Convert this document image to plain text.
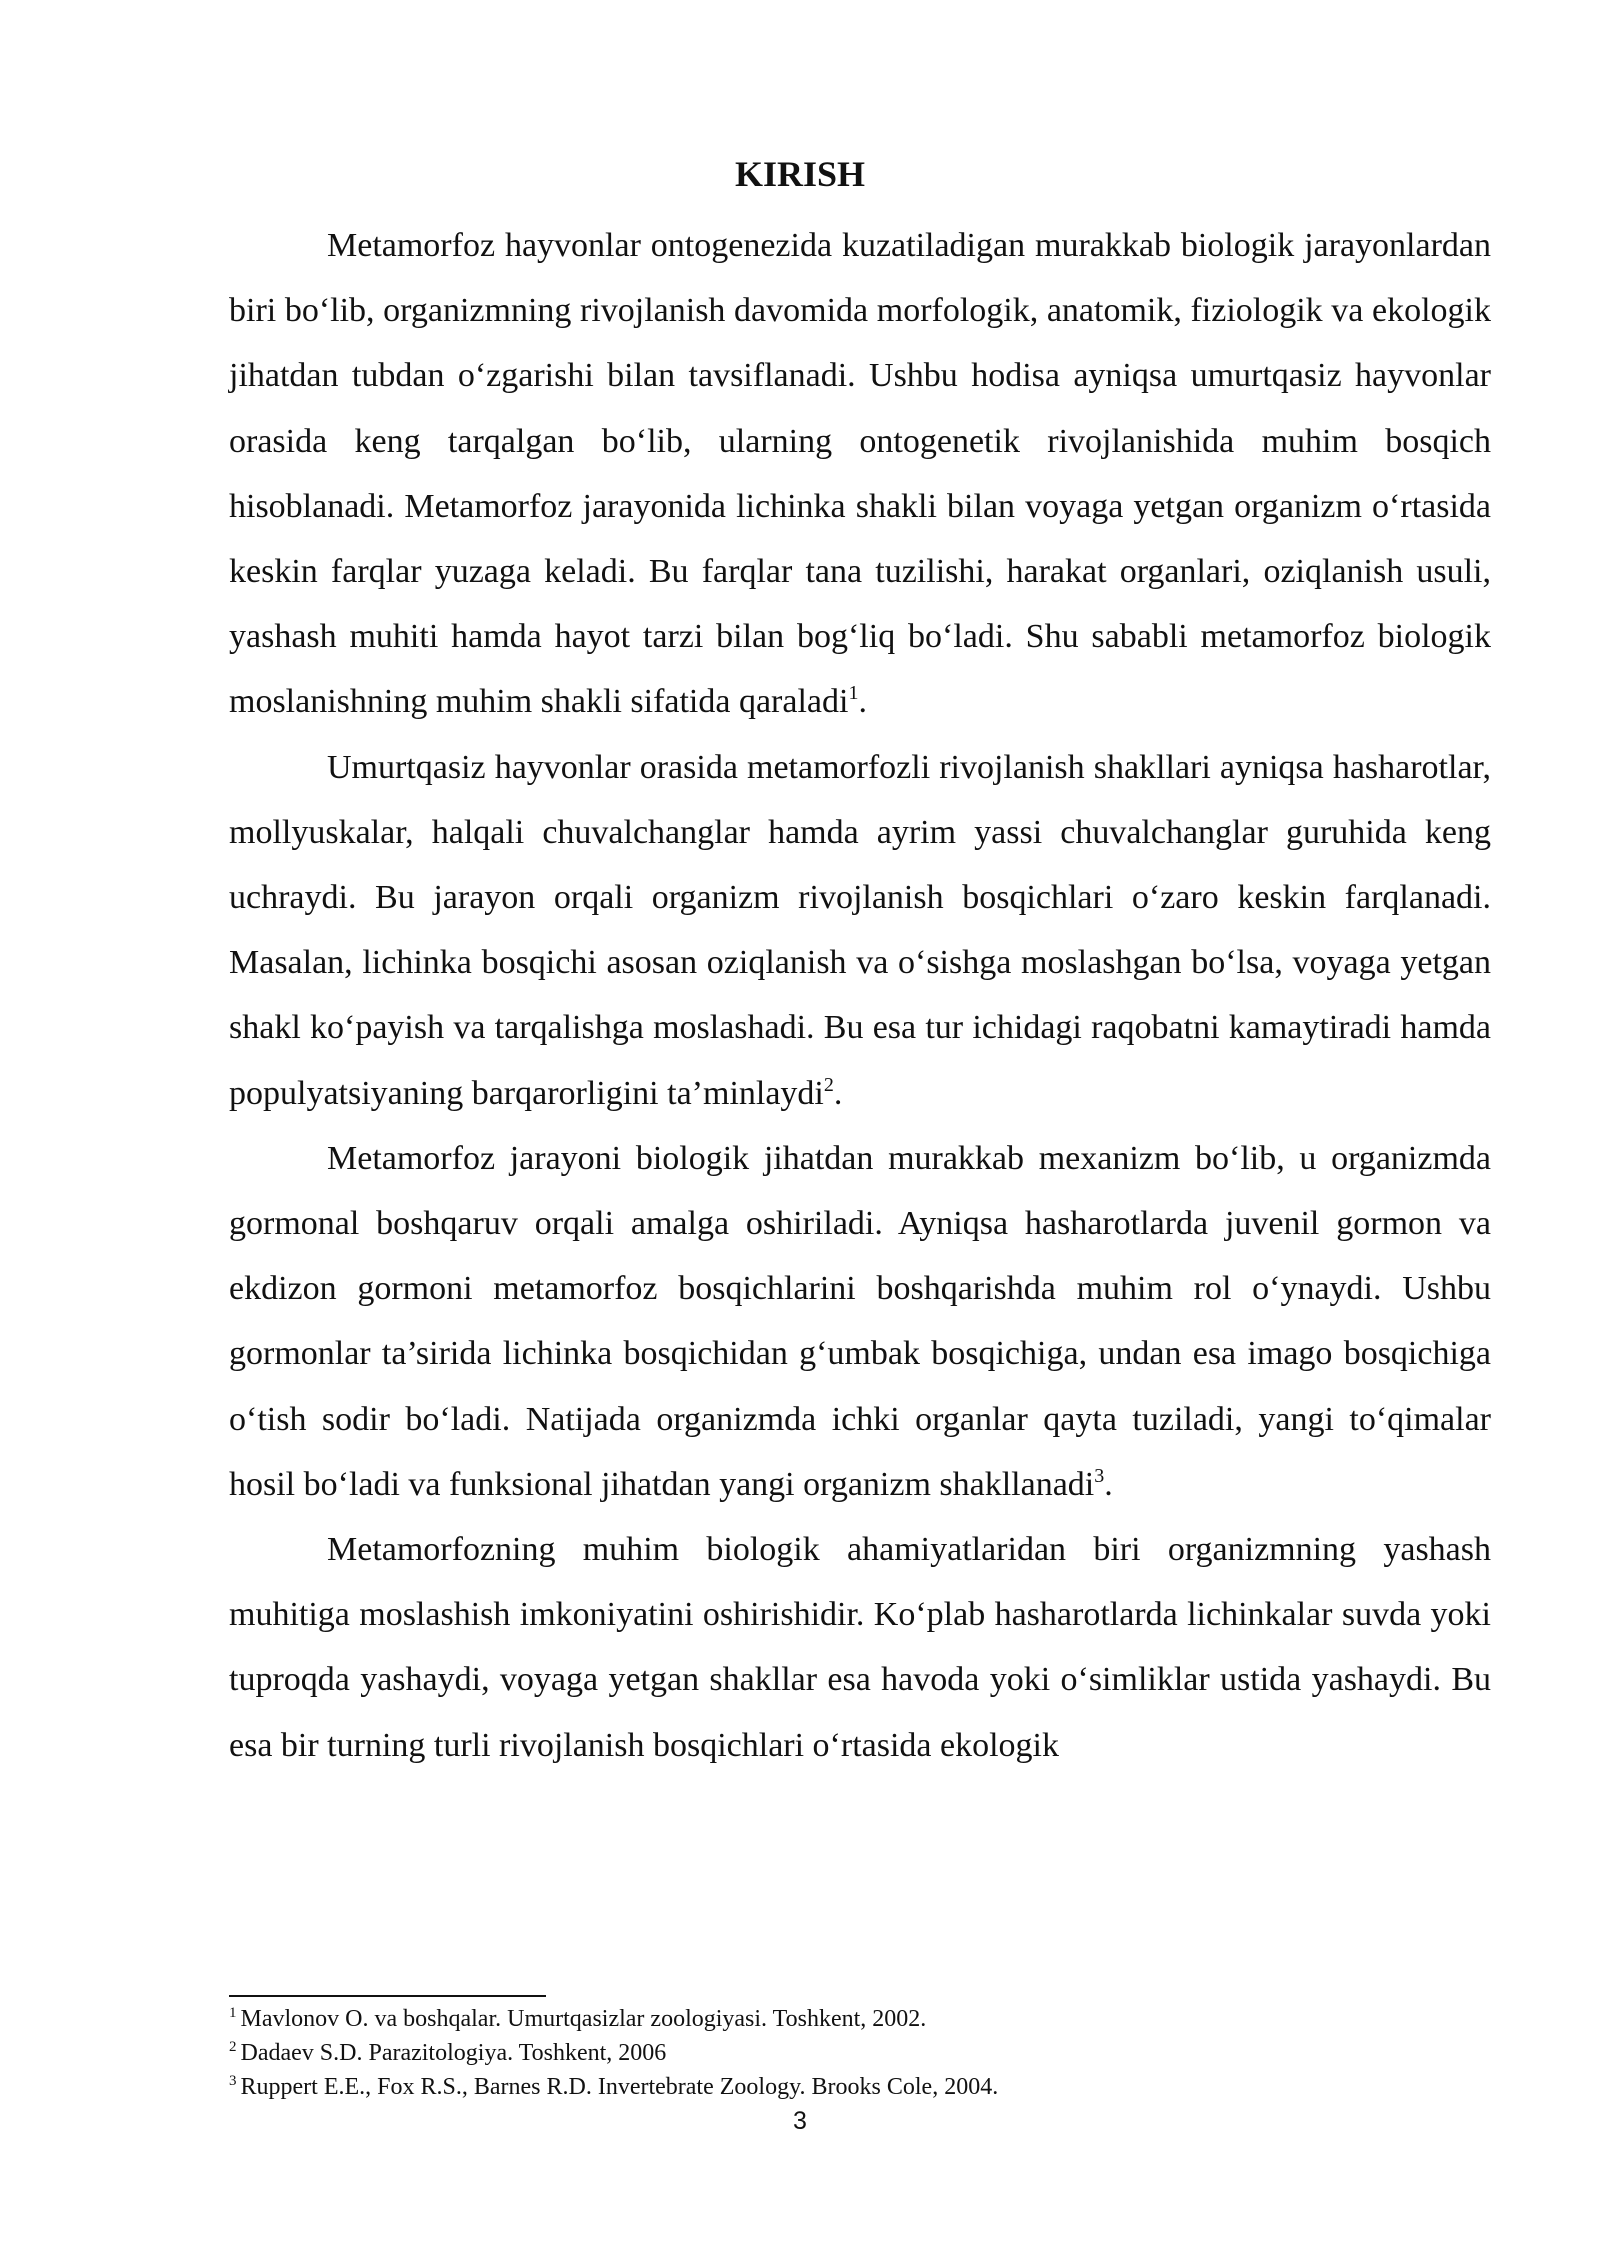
KIRISH

Metamorfoz hayvonlar ontogenezida kuzatiladigan murakkab biologik jarayonlardan biri bo‘lib, organizmning rivojlanish davomida morfologik, anatomik, fiziologik va ekologik jihatdan tubdan o‘zgarishi bilan tavsiflanadi. Ushbu hodisa ayniqsa umurtqasiz hayvonlar orasida keng tarqalgan bo‘lib, ularning ontogenetik rivojlanishida muhim bosqich hisoblanadi. Metamorfoz jarayonida lichinka shakli bilan voyaga yetgan organizm o‘rtasida keskin farqlar yuzaga keladi. Bu farqlar tana tuzilishi, harakat organlari, oziqlanish usuli, yashash muhiti hamda hayot tarzi bilan bog‘liq bo‘ladi. Shu sababli metamorfoz biologik moslanishning muhim shakli sifatida qaraladi$^1$.

Umurtqasiz hayvonlar orasida metamorfozli rivojlanish shakllari ayniqsa hasharotlar, mollyuskalar, halqali chuvalchanglar hamda ayrim yassi chuvalchanglar guruhida keng uchraydi. Bu jarayon orqali organizm rivojlanish bosqichlari o‘zaro keskin farqlanadi. Masalan, lichinka bosqichi asosan oziqlanish va o‘sishga moslashgan bo‘lsa, voyaga yetgan shakl ko‘payish va tarqalishga moslashadi. Bu esa tur ichidagi raqobatni kamaytiradi hamda populyatsiyaning barqarorligini ta’minlaydi$^2$.

Metamorfoz jarayoni biologik jihatdan murakkab mexanizm bo‘lib, u organizmda gormonal boshqaruv orqali amalga oshiriladi. Ayniqsa hasharotlarda juvenil gormon va ekdizon gormoni metamorfoz bosqichlarini boshqarishda muhim rol o‘ynaydi. Ushbu gormonlar ta’sirida lichinka bosqichidan g‘umbak bosqichiga, undan esa imago bosqichiga o‘tish sodir bo‘ladi. Natijada organizmda ichki organlar qayta tuziladi, yangi to‘qimalar hosil bo‘ladi va funksional jihatdan yangi organizm shakllanadi$^3$.

Metamorfozning muhim biologik ahamiyatlaridan biri organizmning yashash muhitiga moslashish imkoniyatini oshirishidir. Ko‘plab hasharotlarda lichinkalar suvda yoki tuproqda yashaydi, voyaga yetgan shakllar esa havoda yoki o‘simliklar ustida yashaydi. Bu esa bir turning turli rivojlanish bosqichlari o‘rtasida ekologik

$^1$ Mavlonov O. va boshqalar. Umurtqasizlar zoologiyasi. Toshkent, 2002.

$^2$ Dadaev S.D. Parazitologiya. Toshkent, 2006

$^3$ Ruppert E.E., Fox R.S., Barnes R.D. Invertebrate Zoology. Brooks Cole, 2004.

3
